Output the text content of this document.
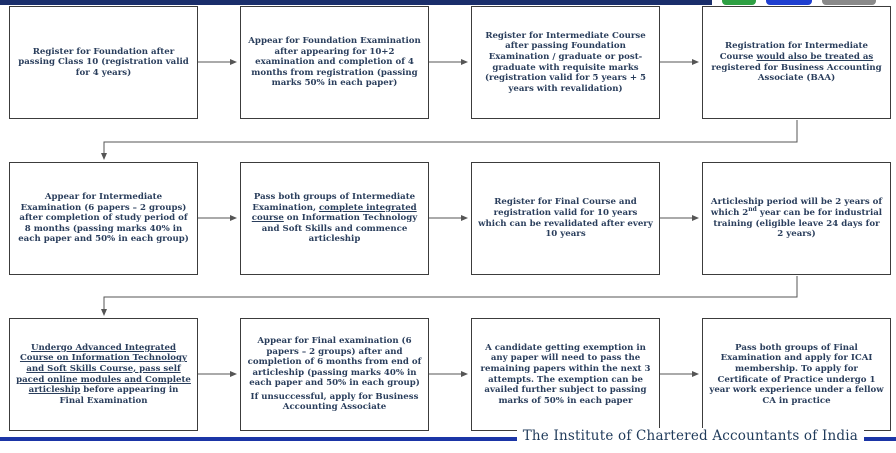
Register for Foundation after passing Class 10 (registration valid for 4 years)

Appear for Foundation Examination after appearing for 10+2 examination and completion of 4 months from registration (passing marks 50% in each paper)

Register for Intermediate Course after passing Foundation Examination / graduate or post-graduate with requisite marks (registration valid for 5 years + 5 years with revalidation)

Registration for Intermediate Course would also be treated as registered for Business Accounting Associate (BAA)

Appear for Intermediate Examination (6 papers – 2 groups) after completion of study period of 8 months (passing marks 40% in each paper and 50% in each group)

Pass both groups of Intermediate Examination, complete integrated course on Information Technology and Soft Skills and commence articleship

Register for Final Course and registration valid for 10 years which can be revalidated after every 10 years

Articleship period will be 2 years of which 2nd year can be for industrial training (eligible leave 24 days for 2 years)

Undergo Advanced Integrated Course on Information Technology and Soft Skills Course, pass self paced online modules and Complete articleship before appearing in Final Examination

Appear for Final examination (6 papers – 2 groups) after and completion of 6 months from end of articleship (passing marks 40% in each paper and 50% in each group)

If unsuccessful, apply for Business Accounting Associate

A candidate getting exemption in any paper will need to pass the remaining papers within the next 3 attempts. The exemption can be availed further subject to passing marks of 50% in each paper

Pass both groups of Final Examination and apply for ICAI membership. To apply for Certificate of Practice undergo 1 year work experience under a fellow CA in practice

The Institute of Chartered Accountants of India
